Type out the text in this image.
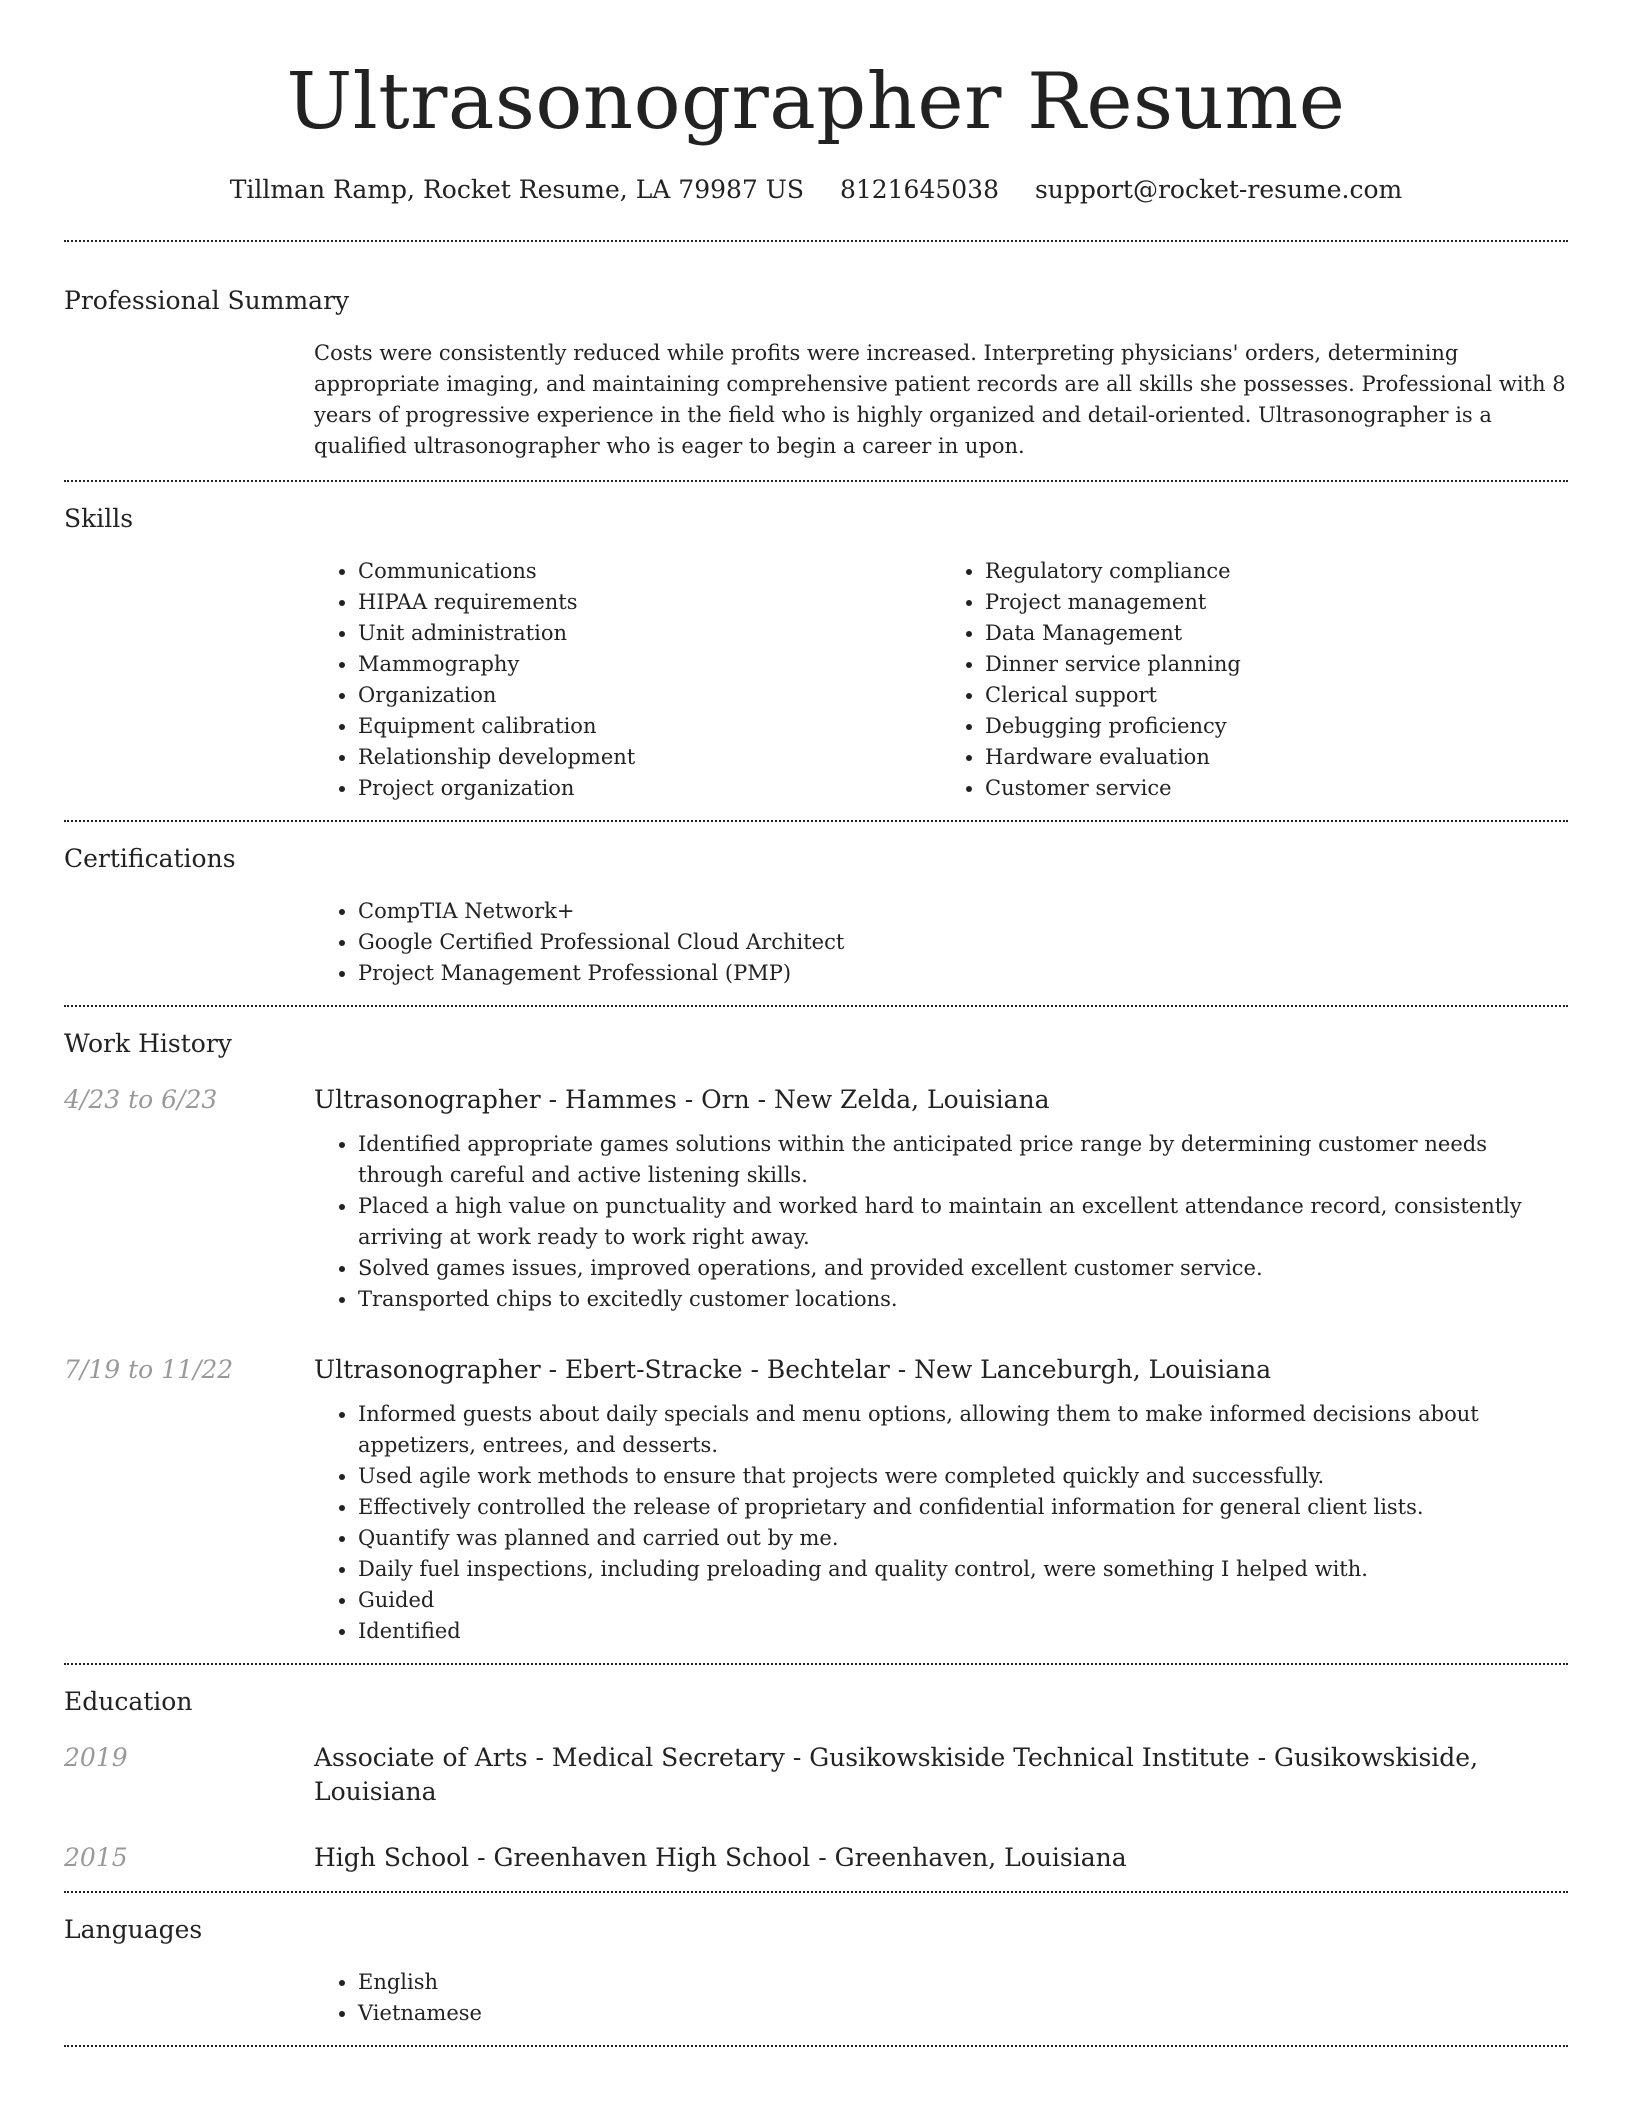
Ultrasonographer Resume
Tillman Ramp, Rocket Resume, LA 79987 US 8121645038 support@rocket-resume.com
Professional Summary

Costs were consistently reduced while profits were increased. Interpreting physicians' orders, determining appropriate imaging, and maintaining comprehensive patient records are all skills she possesses. Professional with 8 years of progressive experience in the field who is highly organized and detail-oriented. Ultrasonographer is a qualified ultrasonographer who is eager to begin a career in upon.

Skills
• Communications
• HIPAA requirements
• Unit administration
• Mammography
• Organization
• Equipment calibration
• Relationship development
• Project organization
• Regulatory compliance
• Project management
• Data Management
• Dinner service planning
• Clerical support
• Debugging proficiency
• Hardware evaluation
• Customer service
Certifications
• CompTIA Network+
• Google Certified Professional Cloud Architect
• Project Management Professional (PMP)
Work History
4/23 to 6/23	Ultrasonographer - Hammes - Orn - New Zelda, Louisiana
• Identified appropriate games solutions within the anticipated price range by determining customer needs through careful and active listening skills.
• Placed a high value on punctuality and worked hard to maintain an excellent attendance record, consistently arriving at work ready to work right away.
• Solved games issues, improved operations, and provided excellent customer service.
• Transported chips to excitedly customer locations.
7/19 to 11/22	Ultrasonographer - Ebert-Stracke - Bechtelar - New Lanceburgh, Louisiana
• Informed guests about daily specials and menu options, allowing them to make informed decisions about appetizers, entrees, and desserts.
• Used agile work methods to ensure that projects were completed quickly and successfully.
• Effectively controlled the release of proprietary and confidential information for general client lists.
• Quantify was planned and carried out by me.
• Daily fuel inspections, including preloading and quality control, were something I helped with.
• Guided
• Identified
Education
2019	Associate of Arts - Medical Secretary - Gusikowskiside Technical Institute - Gusikowskiside, Louisiana
2015	High School - Greenhaven High School - Greenhaven, Louisiana
Languages
• English
• Vietnamese
